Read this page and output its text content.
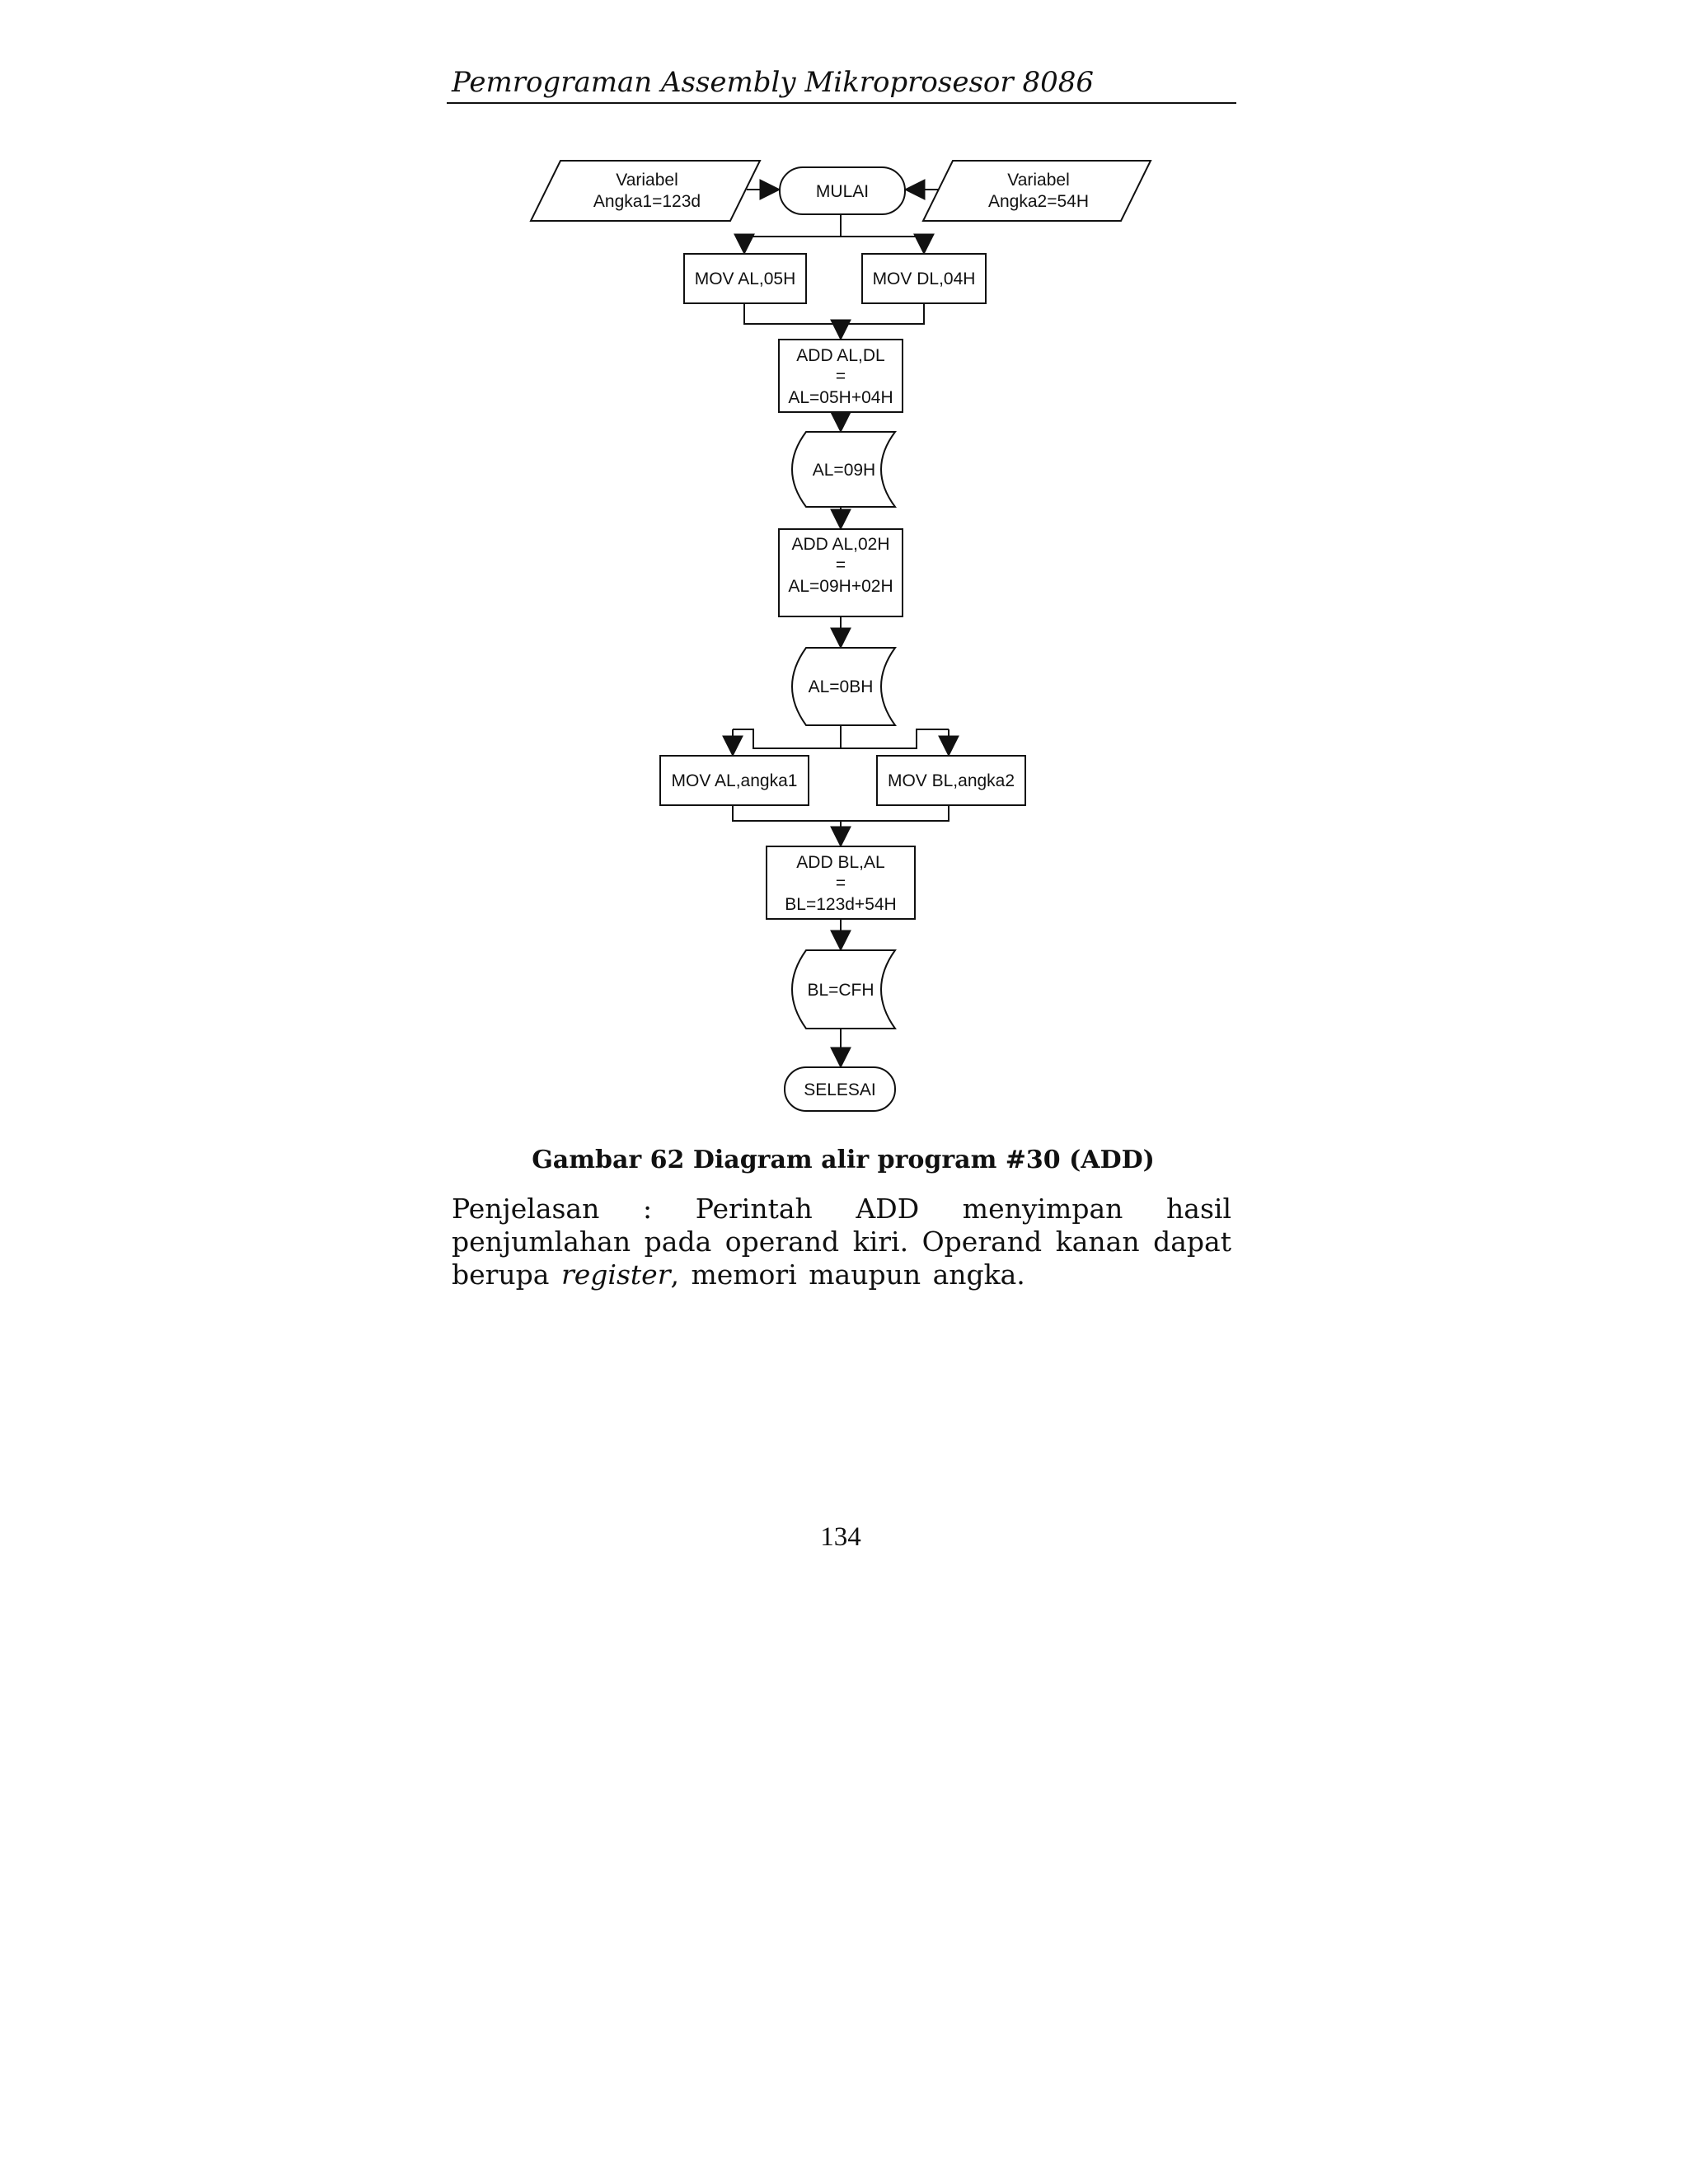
Pemrograman Assembly Mikroprosesor 8086
Variabel
Angka1=123d
MULAI
Variabel
Angka2=54H
MOV AL,05H	MOV DL,04H
ADD AL,DL
=
AL=05H+04H
AL=09H
ADD AL,02H
=
AL=09H+02H
AL=0BH
MOV AL,angka1	MOV BL,angka2
ADD BL,AL
=
BL=123d+54H
BL=CFH
SELESAI

Gambar 62 Diagram alir program #30 (ADD)

Penjelasan : Perintah ADD menyimpan hasil penjumlahan pada operand kiri. Operand kanan dapat berupa register, memori maupun angka.

134
